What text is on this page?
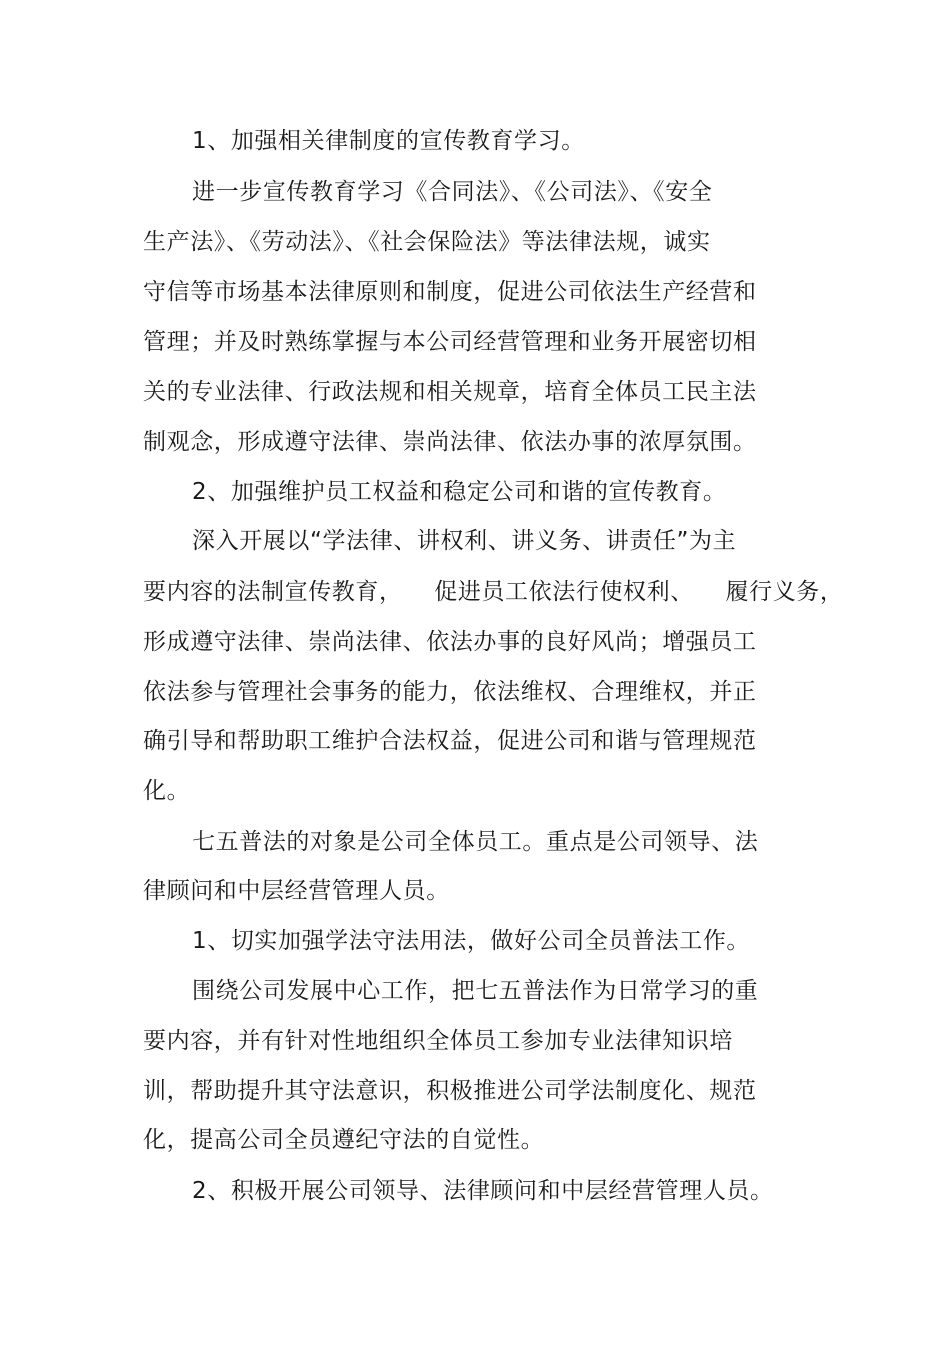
1、加强相关律制度的宣传教育学习。
进一步宣传教育学习《合同法》、《公司法》、《安全
生产法》、《劳动法》、《社会保险法》等法律法规，诚实
守信等市场基本法律原则和制度，促进公司依法生产经营和
管理；并及时熟练掌握与本公司经营管理和业务开展密切相
关的专业法律、行政法规和相关规章，培育全体员工民主法
制观念，形成遵守法律、崇尚法律、依法办事的浓厚氛围。
2、加强维护员工权益和稳定公司和谐的宣传教育。
深入开展以“学法律、讲权利、讲义务、讲责任”为主
要内容的法制宣传教育，    促进员工依法行使权利、    履行义务，
形成遵守法律、崇尚法律、依法办事的良好风尚；增强员工
依法参与管理社会事务的能力，依法维权、合理维权，并正
确引导和帮助职工维护合法权益，促进公司和谐与管理规范
化。
七五普法的对象是公司全体员工。重点是公司领导、法
律顾问和中层经营管理人员。
1、切实加强学法守法用法，做好公司全员普法工作。
围绕公司发展中心工作，把七五普法作为日常学习的重
要内容，并有针对性地组织全体员工参加专业法律知识培
训，帮助提升其守法意识，积极推进公司学法制度化、规范
化，提高公司全员遵纪守法的自觉性。
2、积极开展公司领导、法律顾问和中层经营管理人员。
